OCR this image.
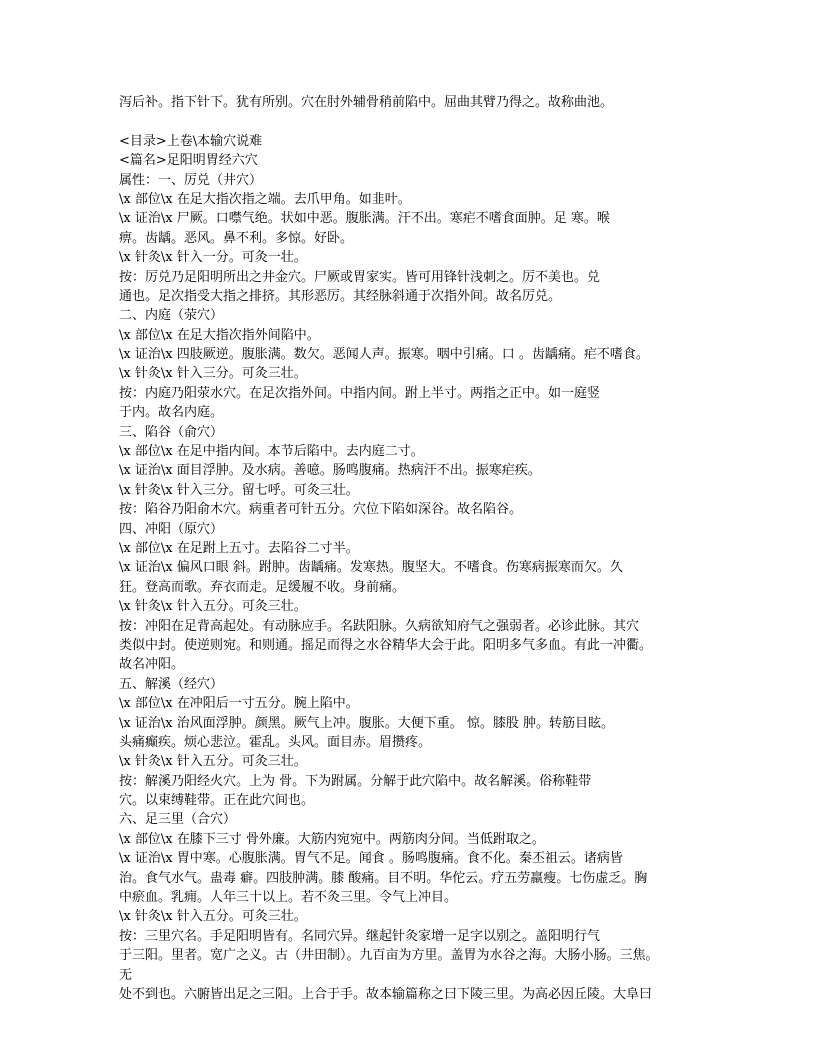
泻后补。指下针下。犹有所别。穴在肘外辅骨稍前陷中。屈曲其臂乃得之。故称曲池。
<目录>上卷\本输穴说难
<篇名>足阳明胃经六穴
属性：一、厉兑（井穴）
\x 部位\x 在足大指次指之端。去爪甲角。如韭叶。
\x 证治\x 尸厥。口噤气绝。状如中恶。腹胀满。汗不出。寒疟不嗜食面肿。足 寒。喉
痹。齿龋。恶风。鼻不利。多惊。好卧。
\x 针灸\x 针入一分。可灸一壮。
按：厉兑乃足阳明所出之井金穴。尸厥或胃家实。皆可用锋针浅刺之。厉不美也。兑
通也。足次指受大指之排挤。其形恶厉。其经脉斜通于次指外间。故名厉兑。
二、内庭（荥穴）
\x 部位\x 在足大指次指外间陷中。
\x 证治\x 四肢厥逆。腹胀满。数欠。恶闻人声。振寒。咽中引痛。口 。齿龋痛。疟不嗜食。
\x 针灸\x 针入三分。可灸三壮。
按：内庭乃阳荥水穴。在足次指外间。中指内间。跗上半寸。两指之正中。如一庭竖
于内。故名内庭。
三、陷谷（俞穴）
\x 部位\x 在足中指内间。本节后陷中。去内庭二寸。
\x 证治\x 面目浮肿。及水病。善噫。肠鸣腹痛。热病汗不出。振寒疟疾。
\x 针灸\x 针入三分。留七呼。可灸三壮。
按：陷谷乃阳俞木穴。病重者可针五分。穴位下陷如深谷。故名陷谷。
四、冲阳（原穴）
\x 部位\x 在足跗上五寸。去陷谷二寸半。
\x 证治\x 偏风口眼 斜。跗肿。齿龋痛。发寒热。腹坚大。不嗜食。伤寒病振寒而欠。久
狂。登高而歌。弃衣而走。足缓履不收。身前痛。
\x 针灸\x 针入五分。可灸三壮。
按：冲阳在足背高起处。有动脉应手。名趺阳脉。久病欲知府气之强弱者。必诊此脉。其穴
类似中封。使逆则宛。和则通。摇足而得之水谷精华大会于此。阳明多气多血。有此一冲衢。
故名冲阳。
五、解溪（经穴）
\x 部位\x 在冲阳后一寸五分。腕上陷中。
\x 证治\x 治风面浮肿。颜黑。厥气上冲。腹胀。大便下重。 惊。膝股 肿。转筋目眩。
头痛癫疾。烦心悲泣。霍乱。头风。面目赤。眉攒疼。
\x 针灸\x 针入五分。可灸三壮。
按：解溪乃阳经火穴。上为 骨。下为跗属。分解于此穴陷中。故名解溪。俗称鞋带
穴。以束缚鞋带。正在此穴间也。
六、足三里（合穴）
\x 部位\x 在膝下三寸 骨外廉。大筋内宛宛中。两筋肉分间。当低跗取之。
\x 证治\x 胃中寒。心腹胀满。胃气不足。闻食 。肠鸣腹痛。食不化。秦丕祖云。诸病皆
治。食气水气。蛊毒 癖。四肢肿满。膝 酸痛。目不明。华佗云。疗五劳羸瘦。七伤虚乏。胸
中瘀血。乳痈。人年三十以上。若不灸三里。令气上冲目。
\x 针灸\x 针入五分。可灸三壮。
按：三里穴名。手足阳明皆有。名同穴异。继起针灸家增一足字以别之。盖阳明行气
于三阳。里者。宽广之义。古（井田制）。九百亩为方里。盖胃为水谷之海。大肠小肠。三焦。
无
处不到也。六腑皆出足之三阳。上合于手。故本输篇称之曰下陵三里。为高必因丘陵。大阜曰
